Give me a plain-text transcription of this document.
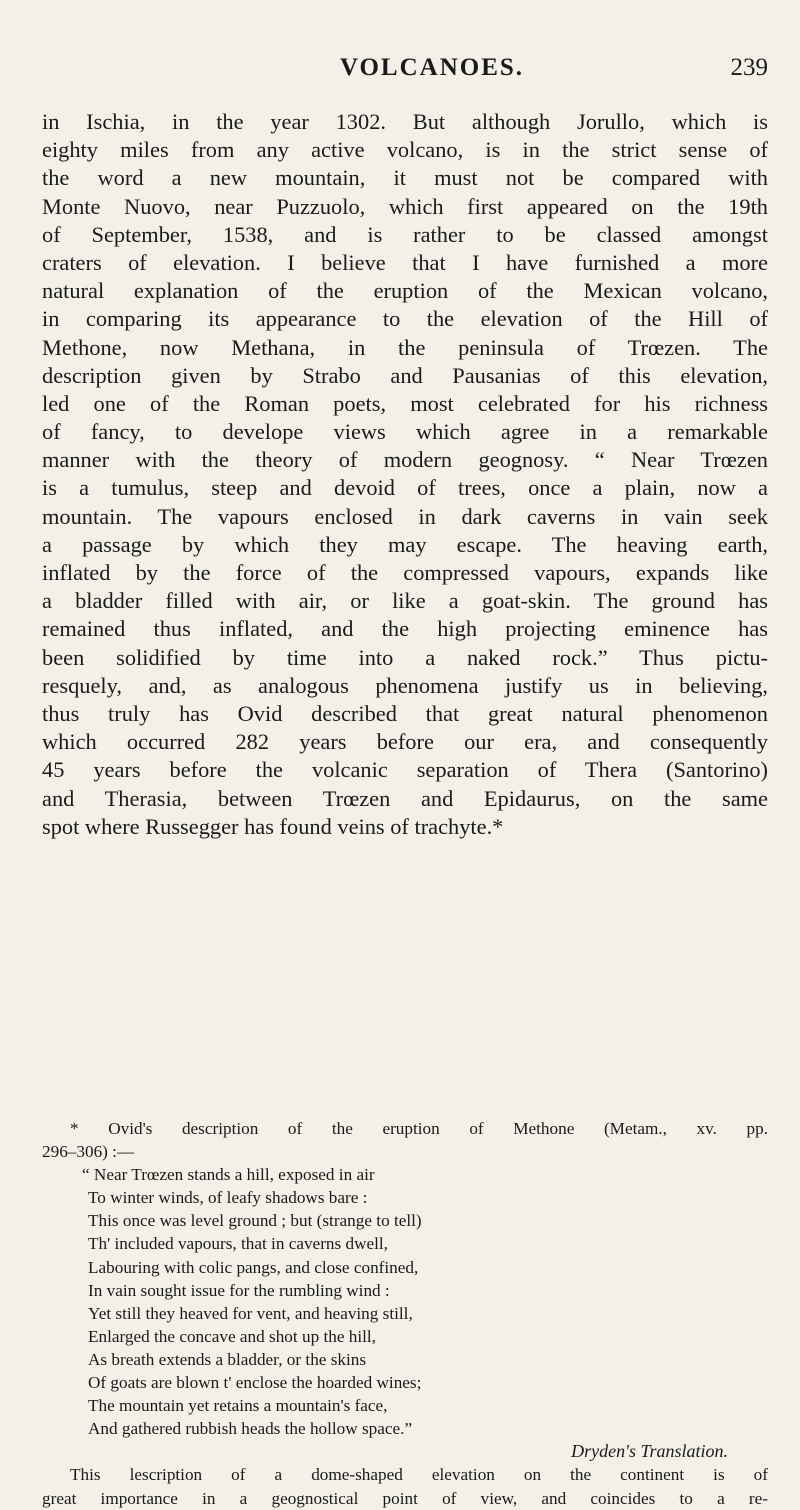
VOLCANOES.	239
in Ischia, in the year 1302. But although Jorullo, which is
eighty miles from any active volcano, is in the strict sense of
the word a new mountain, it must not be compared with
Monte Nuovo, near Puzzuolo, which first appeared on the 19th
of September, 1538, and is rather to be classed amongst
craters of elevation. I believe that I have furnished a more
natural explanation of the eruption of the Mexican volcano,
in comparing its appearance to the elevation of the Hill of
Methone, now Methana, in the peninsula of Trœzen. The
description given by Strabo and Pausanias of this elevation,
led one of the Roman poets, most celebrated for his richness
of fancy, to develope views which agree in a remarkable
manner with the theory of modern geognosy. “ Near Trœzen
is a tumulus, steep and devoid of trees, once a plain, now a
mountain. The vapours enclosed in dark caverns in vain seek
a passage by which they may escape. The heaving earth,
inflated by the force of the compressed vapours, expands like
a bladder filled with air, or like a goat-skin. The ground has
remained thus inflated, and the high projecting eminence has
been solidified by time into a naked rock.” Thus pictu-
resquely, and, as analogous phenomena justify us in believing,
thus truly has Ovid described that great natural phenomenon
which occurred 282 years before our era, and consequently
45 years before the volcanic separation of Thera (Santorino)
and Therasia, between Trœzen and Epidaurus, on the same
spot where Russegger has found veins of trachyte.*
* Ovid's description of the eruption of Methone (Metam., xv. pp.
296–306) :—
“ Near Trœzen stands a hill, exposed in air
To winter winds, of leafy shadows bare :
This once was level ground ; but (strange to tell)
Th' included vapours, that in caverns dwell,
Labouring with colic pangs, and close confined,
In vain sought issue for the rumbling wind :
Yet still they heaved for vent, and heaving still,
Enlarged the concave and shot up the hill,
As breath extends a bladder, or the skins
Of goats are blown t' enclose the hoarded wines;
The mountain yet retains a mountain's face,
And gathered rubbish heads the hollow space.”
Dryden's Translation.
This lescription of a dome-shaped elevation on the continent is of
great importance in a geognostical point of view, and coincides to a re-
